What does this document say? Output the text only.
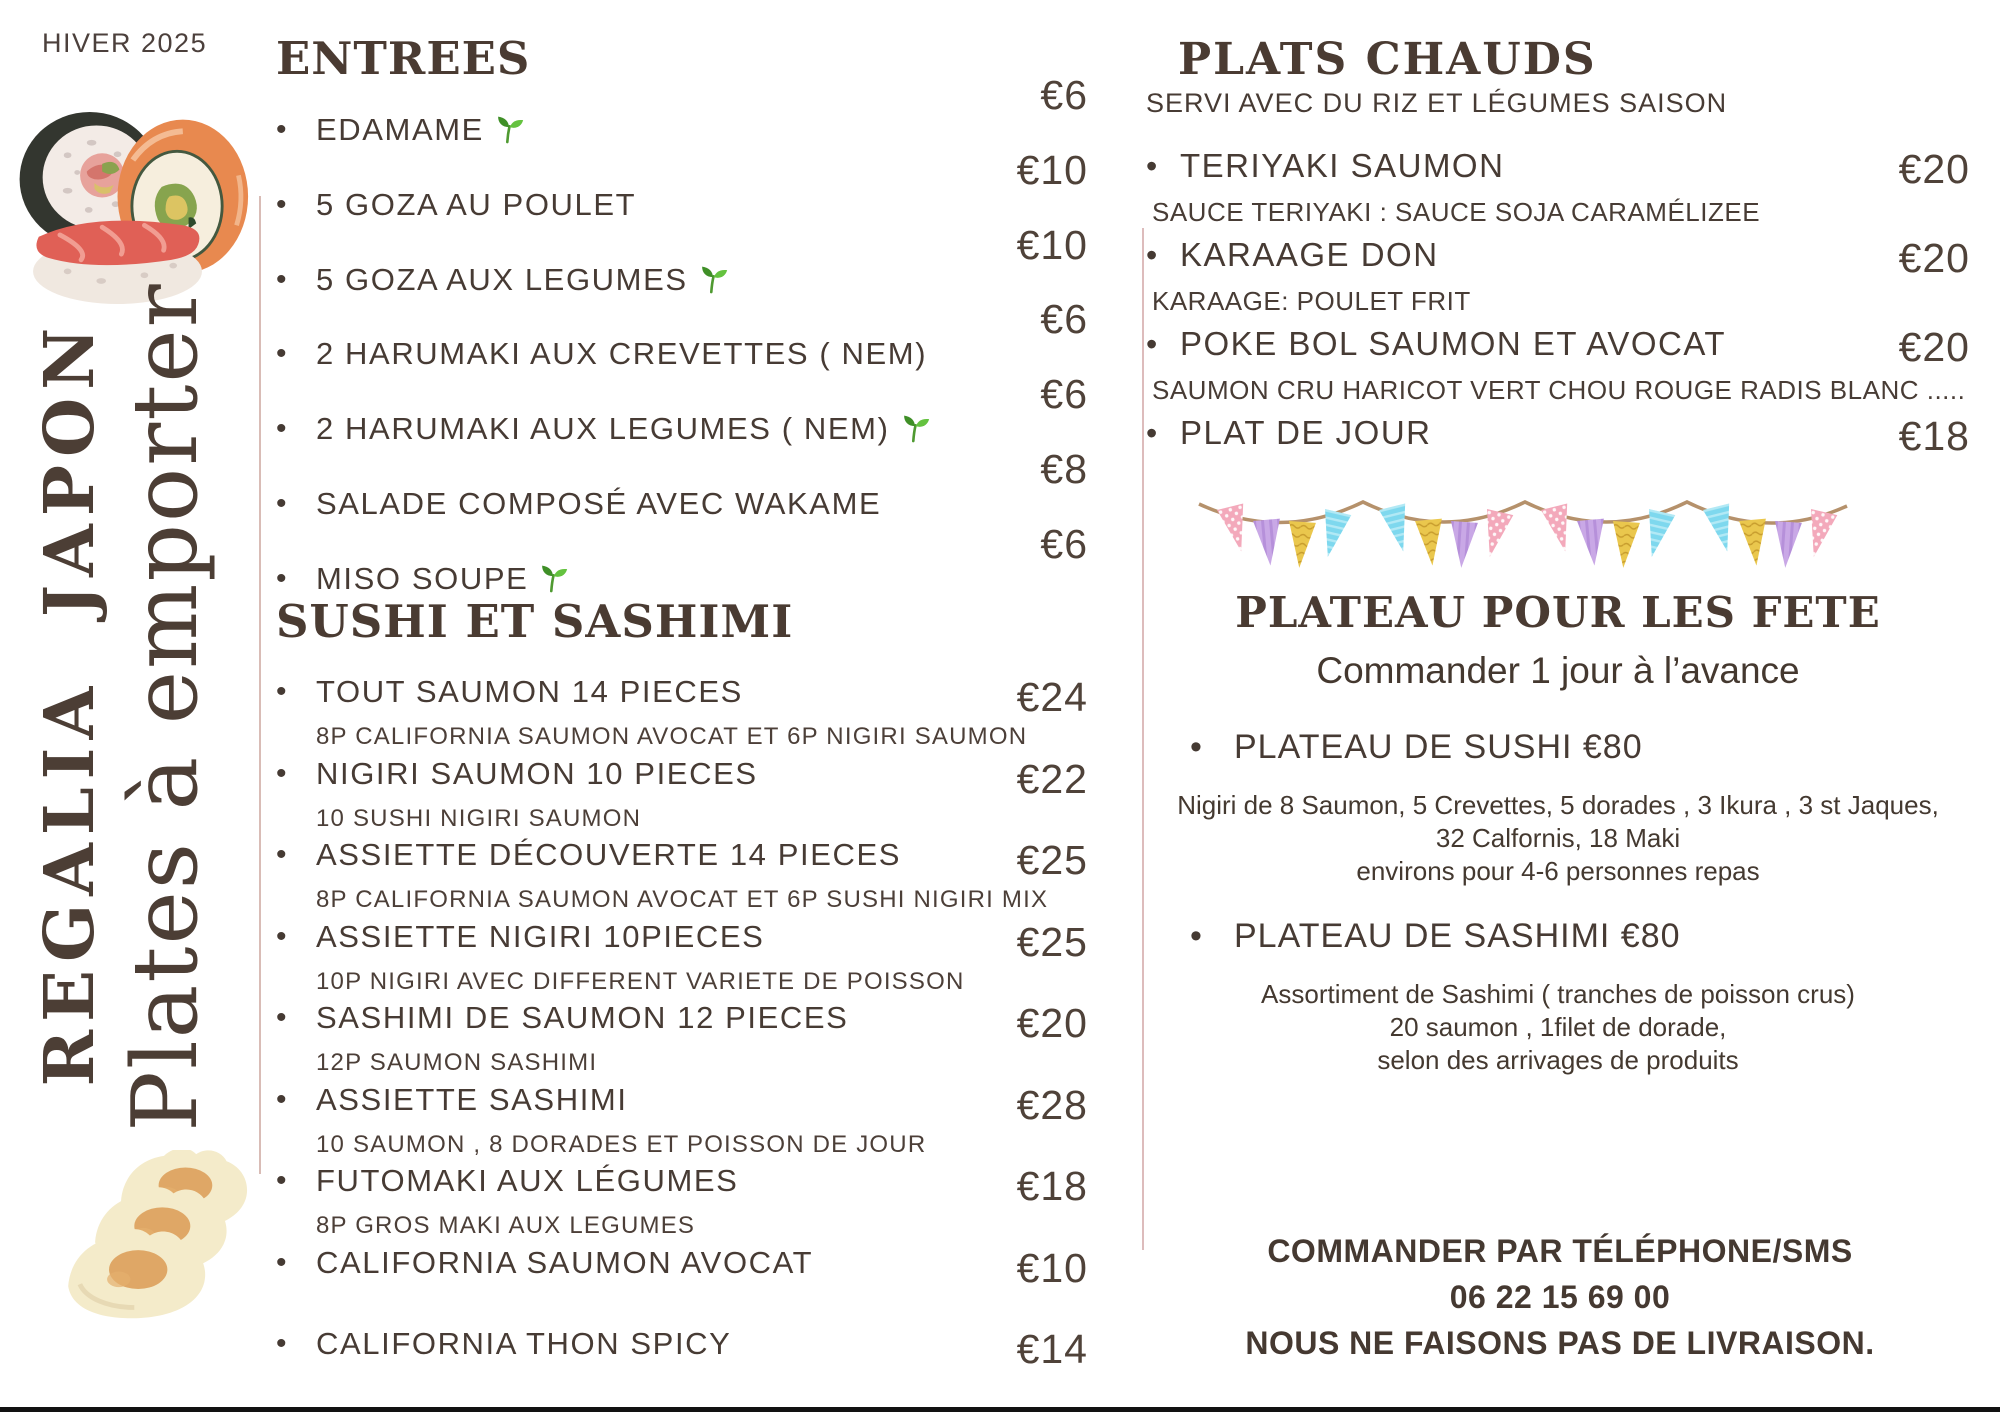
HIVER 2025
REGALIA JAPON Plates à emporter
ENTREES
• EDAMAME
€6
• 5 GOZA AU POULET
€10
• 5 GOZA AUX LEGUMES
€10
• 2 HARUMAKI AUX CREVETTES ( NEM)
€6
• 2 HARUMAKI AUX LEGUMES ( NEM)
€6
• SALADE COMPOSÉ AVEC WAKAME
€8
• MISO SOUPE
€6
SUSHI ET SASHIMI
• TOUT SAUMON 14 PIECES	€24
8P CALIFORNIA SAUMON AVOCAT ET 6P NIGIRI SAUMON
• NIGIRI SAUMON 10 PIECES	€22
10 SUSHI NIGIRI SAUMON
• ASSIETTE DÉCOUVERTE 14 PIECES	€25
8P CALIFORNIA SAUMON AVOCAT ET 6P SUSHI NIGIRI MIX
• ASSIETTE NIGIRI 10PIECES	€25
10P NIGIRI AVEC DIFFERENT VARIETE DE POISSON
• SASHIMI DE SAUMON 12 PIECES	€20
12P SAUMON SASHIMI
• ASSIETTE SASHIMI	€28
10 SAUMON , 8 DORADES ET POISSON DE JOUR
• FUTOMAKI AUX LÉGUMES	€18
8P GROS MAKI AUX LEGUMES
• CALIFORNIA SAUMON AVOCAT	€10
• CALIFORNIA THON SPICY	€14
PLATS CHAUDS
SERVI AVEC DU RIZ ET LÉGUMES SAISON
• TERIYAKI SAUMON	€20
SAUCE TERIYAKI : SAUCE SOJA CARAMÉLIZEE
• KARAAGE DON	€20
KARAAGE: POULET FRIT
• POKE BOL SAUMON ET AVOCAT	€20
SAUMON CRU HARICOT VERT CHOU ROUGE RADIS BLANC .....
• PLAT DE JOUR	€18
PLATEAU POUR LES FETE
Commander 1 jour à l’avance
• PLATEAU DE SUSHI €80
Nigiri de 8 Saumon, 5 Crevettes, 5 dorades , 3 Ikura , 3 st Jaques,
32 Calfornis, 18 Maki
environs pour 4-6 personnes repas
• PLATEAU DE SASHIMI €80
Assortiment de Sashimi ( tranches de poisson crus)
20 saumon , 1filet de dorade,
selon des arrivages de produits
COMMANDER PAR TÉLÉPHONE/SMS
06 22 15 69 00
NOUS NE FAISONS PAS DE LIVRAISON.
